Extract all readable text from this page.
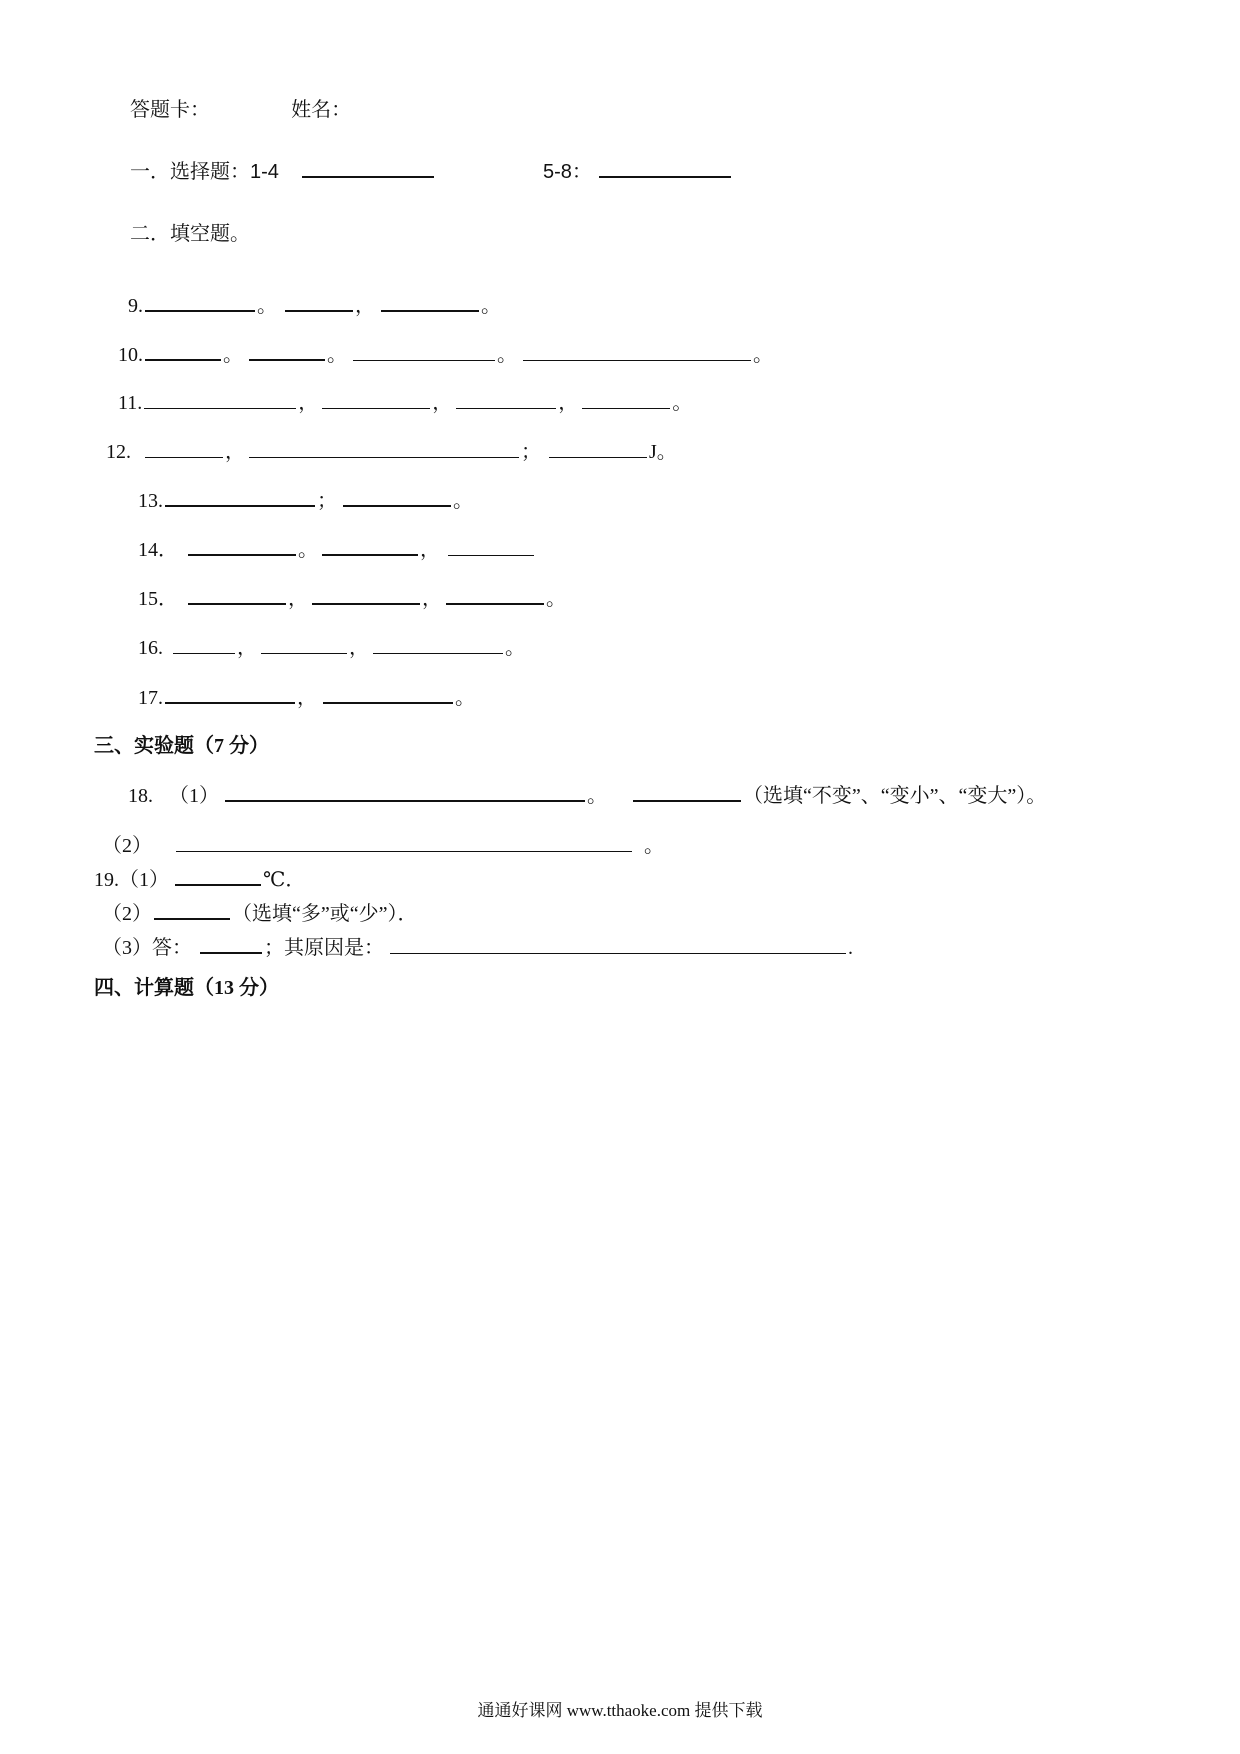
答题卡：	姓名：
一．选择题：1-4	5-8：
二．填空题。
9.	。	，	。
10.	。	。	。	。
11.	，	，	，	。
12.	，	；	J。
13.	；	。
14．	。	，
15．	，	，	。
16.	，	，	。
17.	，	。
三、实验题（7 分）
18. （1）	。	（选填“不变”、“变小”、“变大”）。
（2）	。
19.（1）	℃．
（2）	（选填“多”或“少”）．
（3）答：	；其原因是：	.
四、计算题（13 分）
通通好课网 www.tthaoke.com 提供下载
